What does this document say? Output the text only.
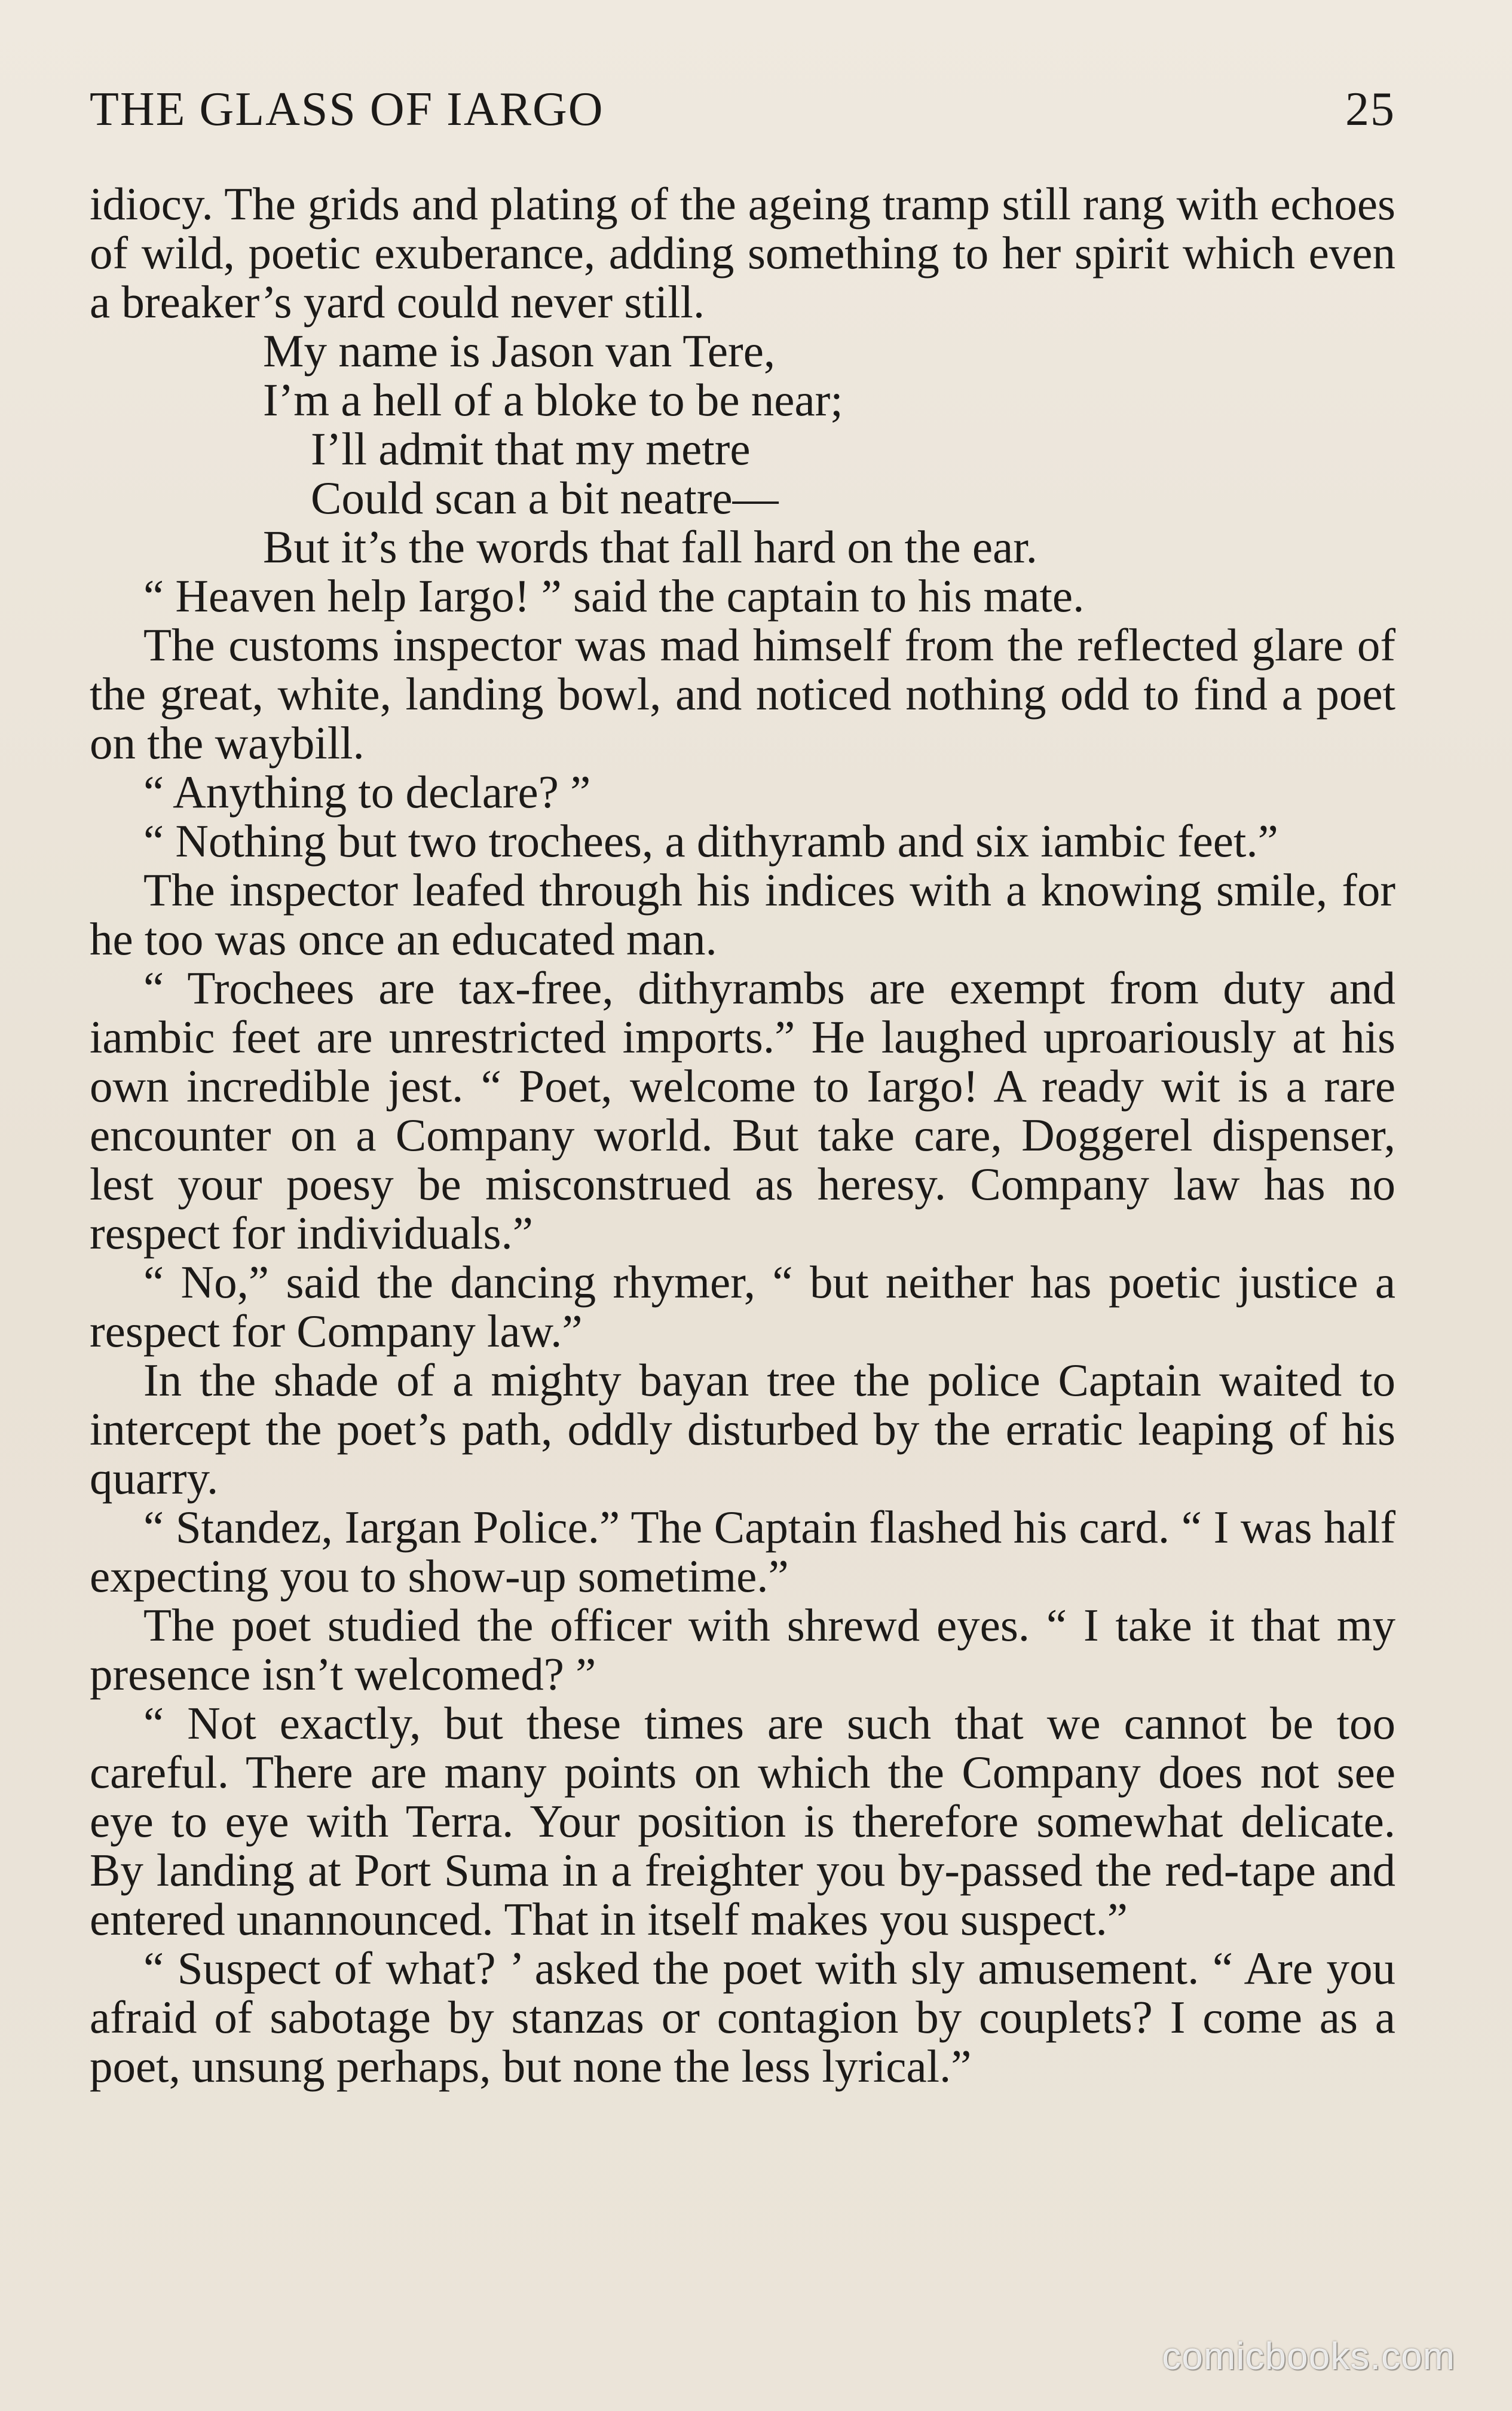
THE GLASS OF IARGO	25

idiocy. The grids and plating of the ageing tramp still rang with echoes of wild, poetic exuberance, adding something to her spirit which even a breaker’s yard could never still.

My name is Jason van Tere,
I’m a hell of a bloke to be near;
I’ll admit that my metre
Could scan a bit neatre—
But it’s the words that fall hard on the ear.

“ Heaven help Iargo! ” said the captain to his mate.

The customs inspector was mad himself from the reflected glare of the great, white, landing bowl, and noticed nothing odd to find a poet on the waybill.

“ Anything to declare? ”

“ Nothing but two trochees, a dithyramb and six iambic feet.”

The inspector leafed through his indices with a knowing smile, for he too was once an educated man.

“ Trochees are tax-free, dithyrambs are exempt from duty and iambic feet are unrestricted imports.” He laughed uproariously at his own incredible jest. “ Poet, welcome to Iargo! A ready wit is a rare encounter on a Company world. But take care, Doggerel dispenser, lest your poesy be misconstrued as heresy. Company law has no respect for individuals.”

“ No,” said the dancing rhymer, “ but neither has poetic justice a respect for Company law.”

In the shade of a mighty bayan tree the police Captain waited to intercept the poet’s path, oddly disturbed by the erratic leaping of his quarry.

“ Standez, Iargan Police.” The Captain flashed his card. “ I was half expecting you to show-up sometime.”

The poet studied the officer with shrewd eyes. “ I take it that my presence isn’t welcomed? ”

“ Not exactly, but these times are such that we cannot be too careful. There are many points on which the Company does not see eye to eye with Terra. Your position is therefore somewhat delicate. By landing at Port Suma in a freighter you by-passed the red-tape and entered unannounced. That in itself makes you suspect.”

“ Suspect of what? ’ asked the poet with sly amusement. “ Are you afraid of sabotage by stanzas or contagion by couplets? I come as a poet, unsung perhaps, but none the less lyrical.”

comicbooks.com
